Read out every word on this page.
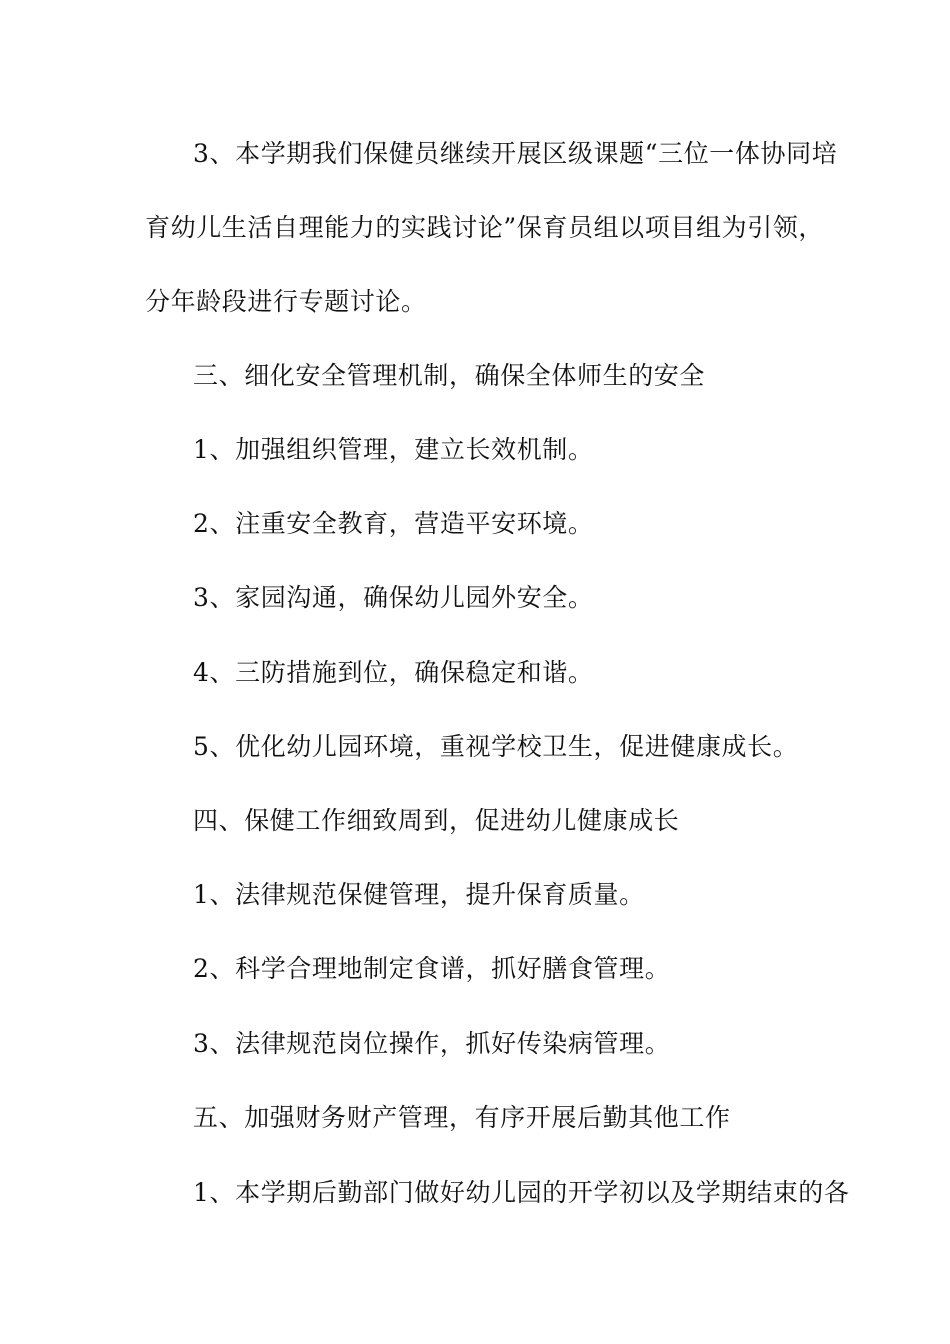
3、本学期我们保健员继续开展区级课题“三位一体协同培
育幼儿生活自理能力的实践讨论”保育员组以项目组为引领，
分年龄段进行专题讨论。
三、细化安全管理机制，确保全体师生的安全
1、加强组织管理，建立长效机制。
2、注重安全教育，营造平安环境。
3、家园沟通，确保幼儿园外安全。
4、三防措施到位，确保稳定和谐。
5、优化幼儿园环境，重视学校卫生，促进健康成长。
四、保健工作细致周到，促进幼儿健康成长
1、法律规范保健管理，提升保育质量。
2、科学合理地制定食谱，抓好膳食管理。
3、法律规范岗位操作，抓好传染病管理。
五、加强财务财产管理，有序开展后勤其他工作
1、本学期后勤部门做好幼儿园的开学初以及学期结束的各
